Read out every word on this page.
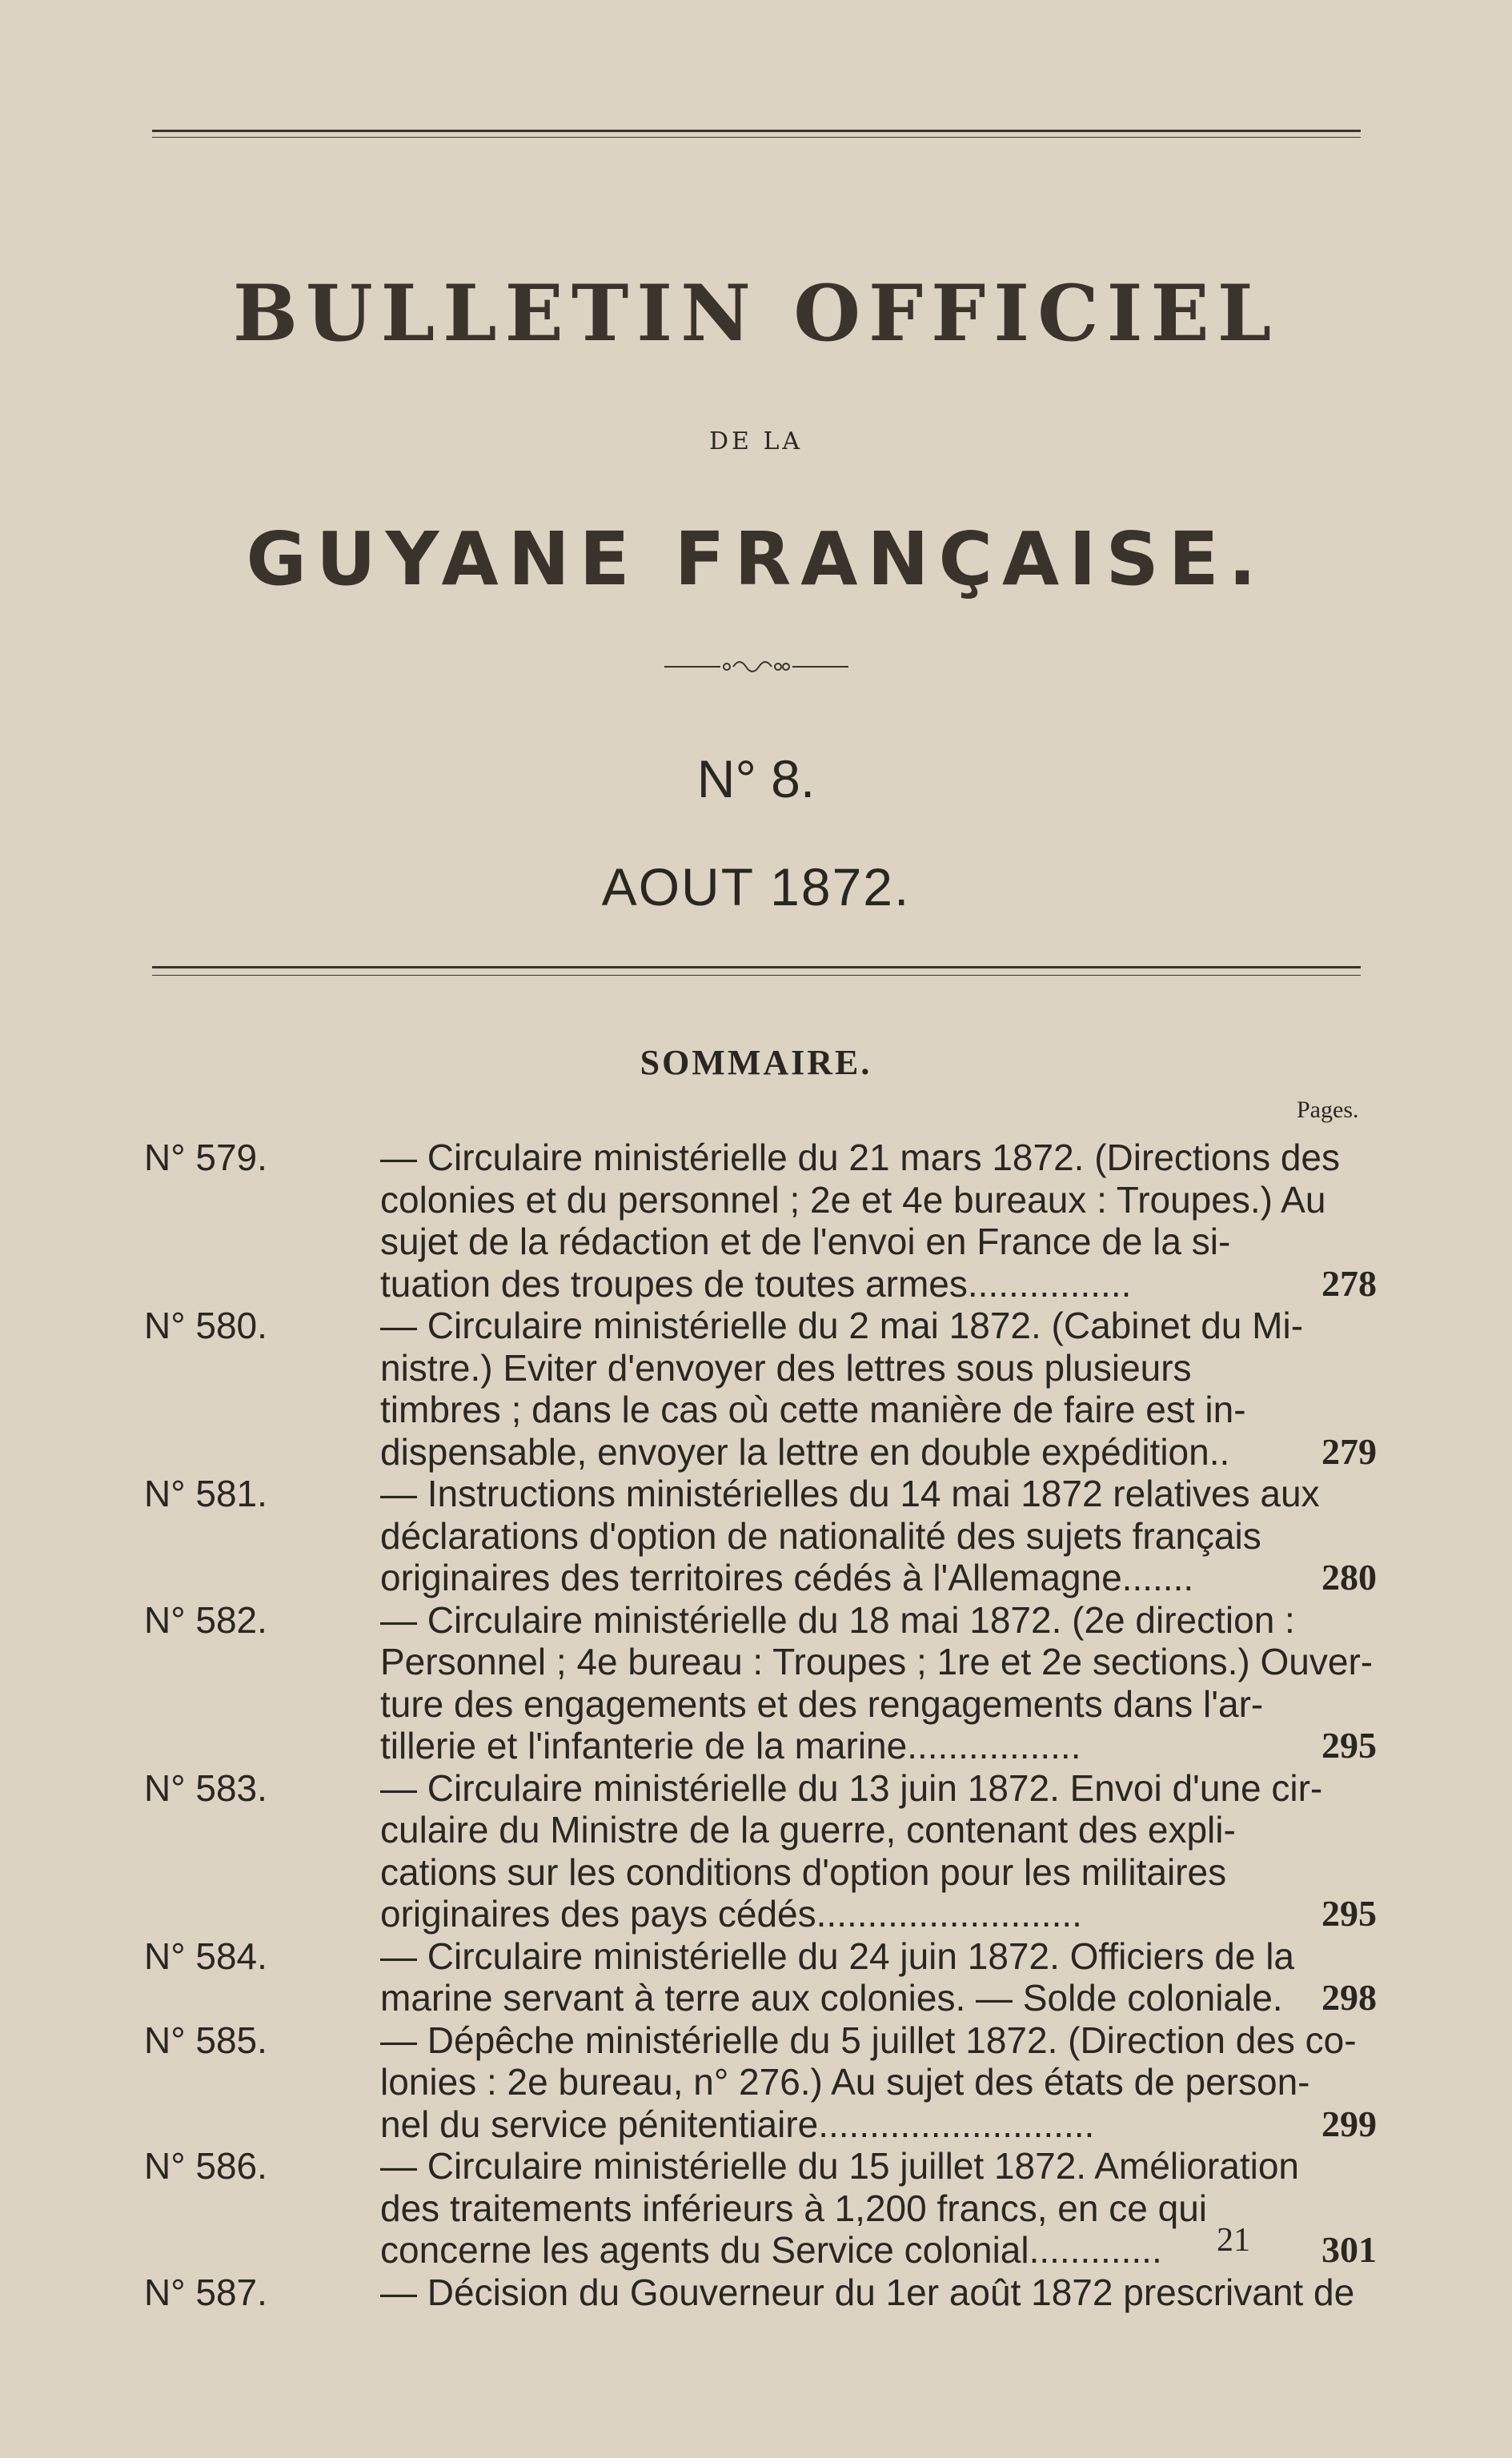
BULLETIN OFFICIEL
DE LA
GUYANE FRANÇAISE.
N° 8.
AOUT 1872.
SOMMAIRE.
Pages.
N° 579.	— Circulaire ministérielle du 21 mars 1872. (Directions des
colonies et du personnel ; 2e et 4e bureaux : Troupes.) Au
sujet de la rédaction et de l'envoi en France de la si-
tuation des troupes de toutes armes................	278
N° 580.	— Circulaire ministérielle du 2 mai 1872. (Cabinet du Mi-
nistre.) Eviter d'envoyer des lettres sous plusieurs
timbres ; dans le cas où cette manière de faire est in-
dispensable, envoyer la lettre en double expédition.. 279
N° 581.	— Instructions ministérielles du 14 mai 1872 relatives aux
déclarations d'option de nationalité des sujets français
originaires des territoires cédés à l'Allemagne.......	280
N° 582.	— Circulaire ministérielle du 18 mai 1872. (2e direction :
Personnel ; 4e bureau : Troupes ; 1re et 2e sections.) Ouver-
ture des engagements et des rengagements dans l'ar-
tillerie et l'infanterie de la marine.................	295
N° 583.	— Circulaire ministérielle du 13 juin 1872. Envoi d'une cir-
culaire du Ministre de la guerre, contenant des expli-
cations sur les conditions d'option pour les militaires
originaires des pays cédés..........................	295
N° 584.	— Circulaire ministérielle du 24 juin 1872. Officiers de la
marine servant à terre aux colonies. — Solde coloniale. 298
N° 585.	— Dépêche ministérielle du 5 juillet 1872. (Direction des co-
lonies : 2e bureau, n° 276.) Au sujet des états de person-
nel du service pénitentiaire...........................	299
N° 586.	— Circulaire ministérielle du 15 juillet 1872. Amélioration
des traitements inférieurs à 1,200 francs, en ce qui
concerne les agents du Service colonial.............	301
N° 587.	— Décision du Gouverneur du 1er août 1872 prescrivant de
21
